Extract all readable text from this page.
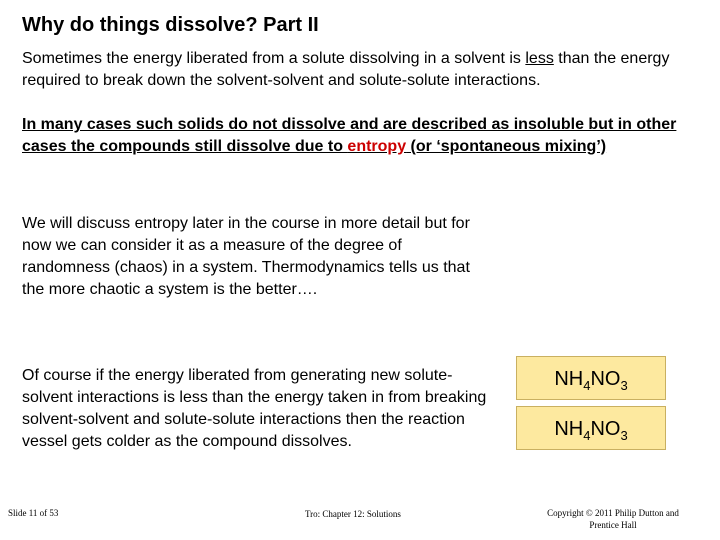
Why do things dissolve? Part II
Sometimes the energy liberated from a solute dissolving in a solvent is less than the energy required to break down the solvent-solvent and solute-solute interactions.
In many cases such solids do not dissolve and are described as insoluble but in other cases the compounds still dissolve due to entropy (or ‘spontaneous mixing’)
We will discuss entropy later in the course in more detail but for now we can consider it as a measure of the degree of randomness (chaos) in a system. Thermodynamics tells us that the more chaotic a system is the better….
Of course if the energy liberated from generating new solute-solvent interactions is less than the energy taken in from breaking solvent-solvent and solute-solute interactions then the reaction vessel gets colder as the compound dissolves.
$NH_4NO_3$
$NH_4NO_3$
Slide 11 of 53	Tro: Chapter 12: Solutions	Copyright © 2011 Philip Dutton and Prentice Hall
